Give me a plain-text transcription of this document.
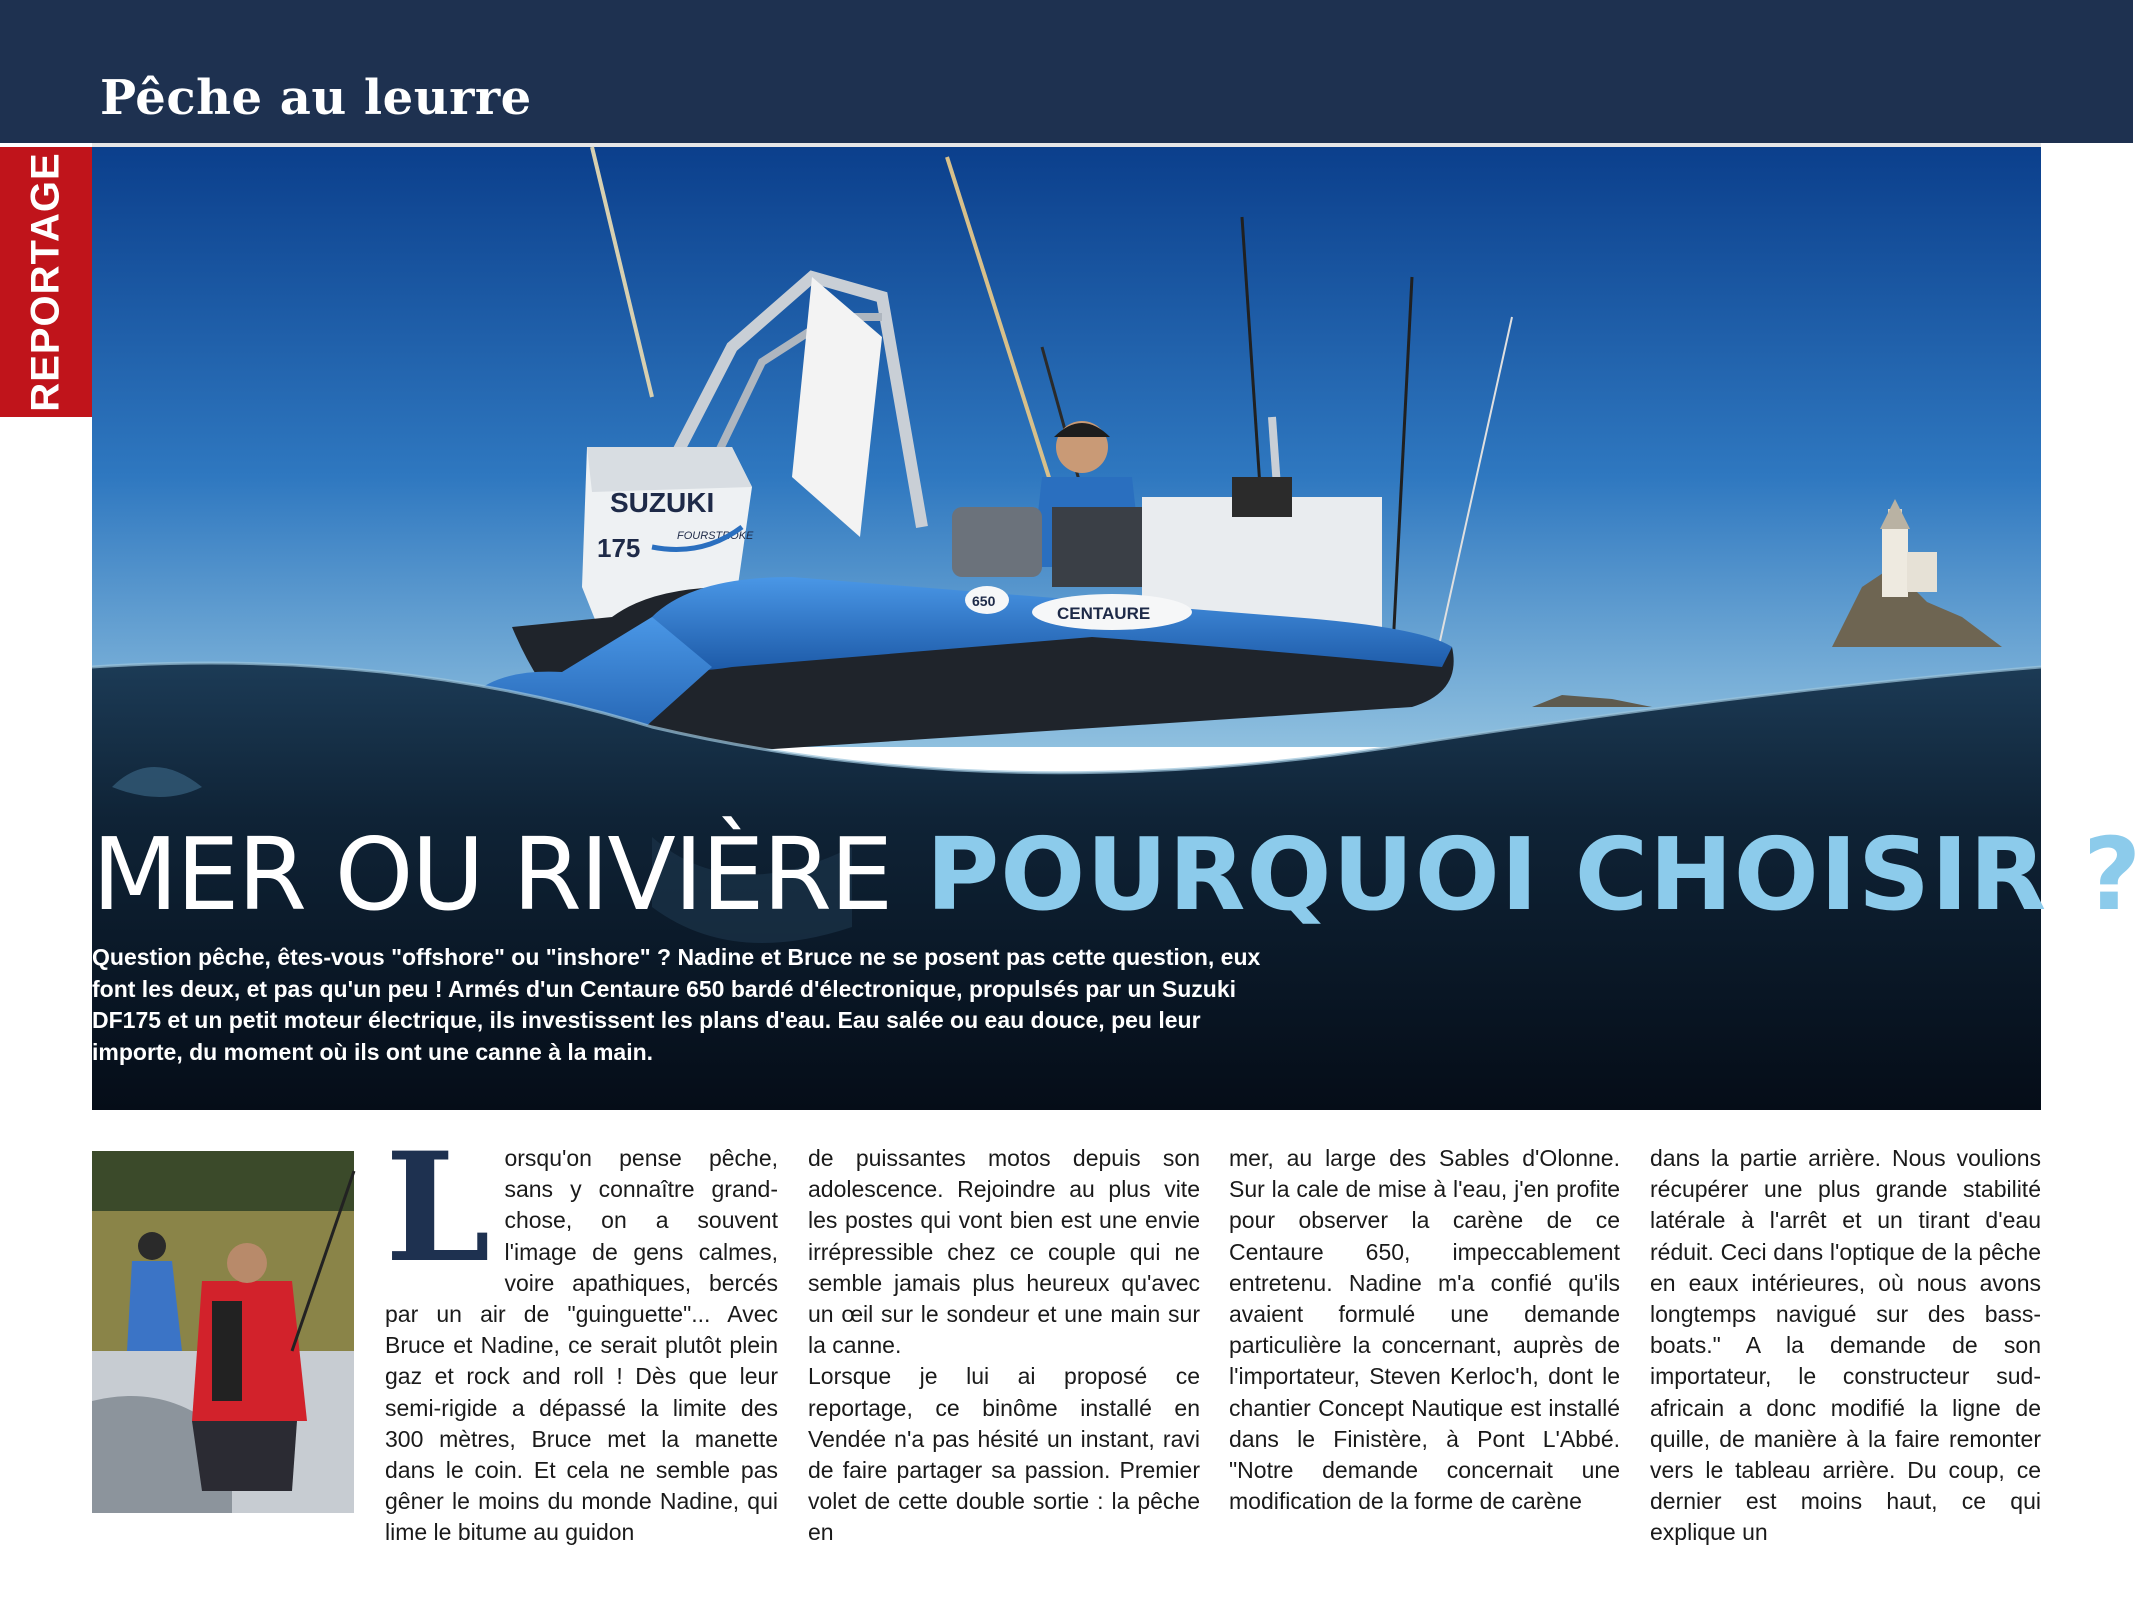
Pêche au leurre
REPORTAGE
SUZUKI
175	FOURSTROKE
650
CENTAURE
MER OU RIVIÈRE POURQUOI CHOISIR ?

Question pêche, êtes-vous "offshore" ou "inshore" ? Nadine et Bruce ne se posent pas cette question, eux font les deux, et pas qu'un peu ! Armés d'un Centaure 650 bardé d'électronique, propulsés par un Suzuki DF175 et un petit moteur électrique, ils investissent les plans d'eau. Eau salée ou eau douce, peu leur importe, du moment où ils ont une canne à la main.

L orsqu'on pense pêche, sans y connaître grand-chose, on a souvent l'image de gens calmes, voire apathiques, bercés par un air de "guinguette"... Avec Bruce et Nadine, ce serait plutôt plein gaz et rock and roll ! Dès que leur semi-rigide a dépassé la limite des 300 mètres, Bruce met la manette dans le coin. Et cela ne semble pas gêner le moins du monde Nadine, qui lime le bitume au guidon

de puissantes motos depuis son adolescence. Rejoindre au plus vite les postes qui vont bien est une envie irrépressible chez ce couple qui ne semble jamais plus heureux qu'avec un œil sur le sondeur et une main sur la canne.

Lorsque je lui ai proposé ce reportage, ce binôme installé en Vendée n'a pas hésité un instant, ravi de faire partager sa passion. Premier volet de cette double sortie : la pêche en

mer, au large des Sables d'Olonne. Sur la cale de mise à l'eau, j'en profite pour observer la carène de ce Centaure 650, impeccablement entretenu. Nadine m'a confié qu'ils avaient formulé une demande particulière la concernant, auprès de l'importateur, Steven Kerloc'h, dont le chantier Concept Nautique est installé dans le Finistère, à Pont L'Abbé. "Notre demande concernait une modification de la forme de carène

dans la partie arrière. Nous voulions récupérer une plus grande stabilité latérale à l'arrêt et un tirant d'eau réduit. Ceci dans l'optique de la pêche en eaux intérieures, où nous avons longtemps navigué sur des bass-boats." A la demande de son importateur, le constructeur sud-africain a donc modifié la ligne de quille, de manière à la faire remonter vers le tableau arrière. Du coup, ce dernier est moins haut, ce qui explique un
